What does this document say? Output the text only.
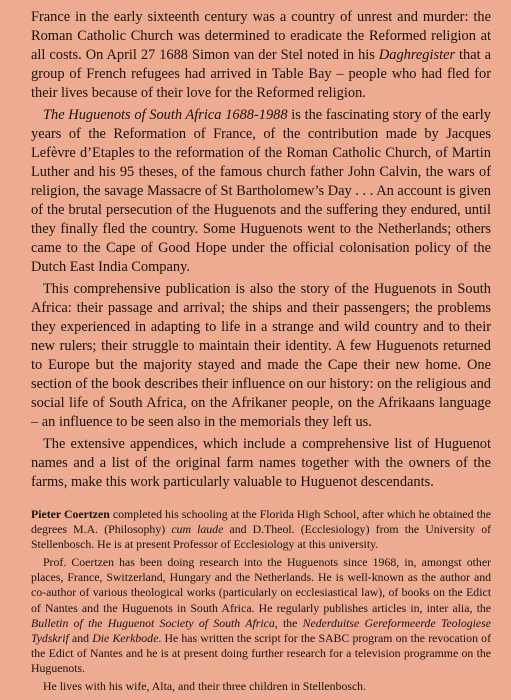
France in the early sixteenth century was a country of unrest and murder: the Roman Catholic Church was determined to eradicate the Reformed religion at all costs. On April 27 1688 Simon van der Stel noted in his Daghregister that a group of French refugees had arrived in Table Bay – people who had fled for their lives because of their love for the Reformed religion.

The Huguenots of South Africa 1688-1988 is the fascinating story of the early years of the Reformation of France, of the contribution made by Jacques Lefèvre d’Etaples to the reformation of the Roman Catholic Church, of Martin Luther and his 95 theses, of the famous church father John Calvin, the wars of religion, the savage Massacre of St Bartholomew’s Day . . . An account is given of the brutal persecution of the Huguenots and the suffering they endured, until they finally fled the country. Some Huguenots went to the Netherlands; others came to the Cape of Good Hope under the official colonisation policy of the Dutch East India Company.

This comprehensive publication is also the story of the Huguenots in South Africa: their passage and arrival; the ships and their passengers; the problems they experienced in adapting to life in a strange and wild country and to their new rulers; their struggle to maintain their identity. A few Huguenots returned to Europe but the majority stayed and made the Cape their new home. One section of the book describes their influence on our history: on the religious and social life of South Africa, on the Afrikaner people, on the Afrikaans language – an influence to be seen also in the memorials they left us.

The extensive appendices, which include a comprehensive list of Huguenot names and a list of the original farm names together with the owners of the farms, make this work particularly valuable to Huguenot descendants.

Pieter Coertzen completed his schooling at the Florida High School, after which he obtained the degrees M.A. (Philosophy) cum laude and D.Theol. (Ecclesiology) from the University of Stellenbosch. He is at present Professor of Ecclesiology at this university.

Prof. Coertzen has been doing research into the Huguenots since 1968, in, amongst other places, France, Switzerland, Hungary and the Netherlands. He is well-known as the author and co-author of various theological works (particularly on ecclesiastical law), of books on the Edict of Nantes and the Huguenots in South Africa. He regularly publishes articles in, inter alia, the Bulletin of the Huguenot Society of South Africa, the Nederduitse Gereformeerde Teologiese Tydskrif and Die Kerkbode. He has written the script for the SABC program on the revocation of the Edict of Nantes and he is at present doing further research for a television programme on the Huguenots.

He lives with his wife, Alta, and their three children in Stellenbosch.
